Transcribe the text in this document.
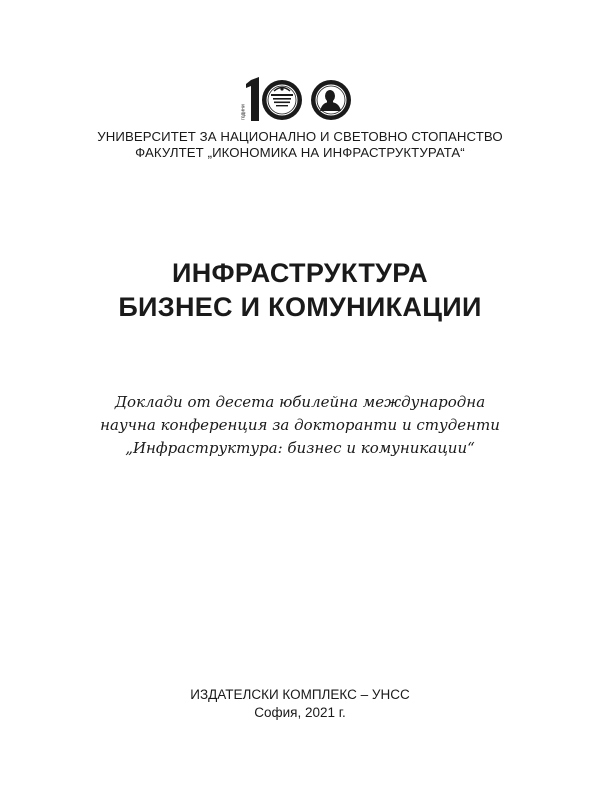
години
УНИВЕРСИТЕТ ЗА НАЦИОНАЛНО И СВЕТОВНО СТОПАНСТВО
ФАКУЛТЕТ „ИКОНОМИКА НА ИНФРАСТРУКТУРАТА“
ИНФРАСТРУКТУРА
БИЗНЕС И КОМУНИКАЦИИ
Доклади от десета юбилейна международна
научна конференция за докторанти и студенти
„Инфраструктура: бизнес и комуникации“
ИЗДАТЕЛСКИ КОМПЛЕКС – УНСС
София, 2021 г.
